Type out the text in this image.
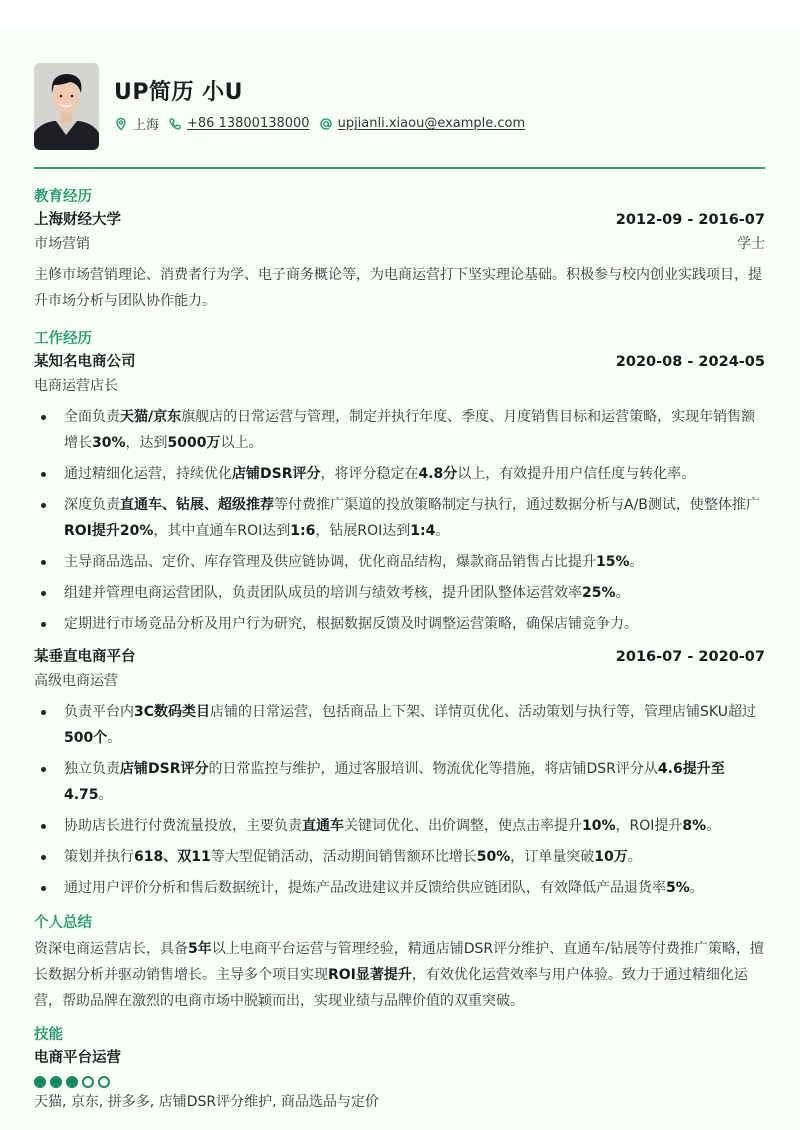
UP简历 小U
上海 +86 13800138000 upjianli.xiaou@example.com
教育经历
上海财经大学	2012-09 - 2016-07
市场营销	学士

主修市场营销理论、消费者行为学、电子商务概论等，为电商运营打下坚实理论基础。积极参与校内创业实践项目，提升市场分析与团队协作能力。

工作经历
某知名电商公司	2020-08 - 2024-05
电商运营店长
全面负责天猫/京东旗舰店的日常运营与管理，制定并执行年度、季度、月度销售目标和运营策略，实现年销售额增长30%，达到5000万以上。
通过精细化运营，持续优化店铺DSR评分，将评分稳定在4.8分以上，有效提升用户信任度与转化率。
深度负责直通车、钻展、超级推荐等付费推广渠道的投放策略制定与执行，通过数据分析与A/B测试，使整体推广ROI提升20%，其中直通车ROI达到1:6，钻展ROI达到1:4。
主导商品选品、定价、库存管理及供应链协调，优化商品结构，爆款商品销售占比提升15%。
组建并管理电商运营团队，负责团队成员的培训与绩效考核，提升团队整体运营效率25%。
定期进行市场竞品分析及用户行为研究，根据数据反馈及时调整运营策略，确保店铺竞争力。
某垂直电商平台	2016-07 - 2020-07
高级电商运营
负责平台内3C数码类目店铺的日常运营，包括商品上下架、详情页优化、活动策划与执行等，管理店铺SKU超过500个。
独立负责店铺DSR评分的日常监控与维护，通过客服培训、物流优化等措施，将店铺DSR评分从4.6提升至4.75。
协助店长进行付费流量投放，主要负责直通车关键词优化、出价调整，使点击率提升10%，ROI提升8%。
策划并执行618、双11等大型促销活动，活动期间销售额环比增长50%，订单量突破10万。
通过用户评价分析和售后数据统计，提炼产品改进建议并反馈给供应链团队，有效降低产品退货率5%。
个人总结

资深电商运营店长，具备5年以上电商平台运营与管理经验，精通店铺DSR评分维护、直通车/钻展等付费推广策略，擅长数据分析并驱动销售增长。主导多个项目实现ROI显著提升，有效优化运营效率与用户体验。致力于通过精细化运营，帮助品牌在激烈的电商市场中脱颖而出，实现业绩与品牌价值的双重突破。

技能
电商平台运营
天猫, 京东, 拼多多, 店铺DSR评分维护, 商品选品与定价
